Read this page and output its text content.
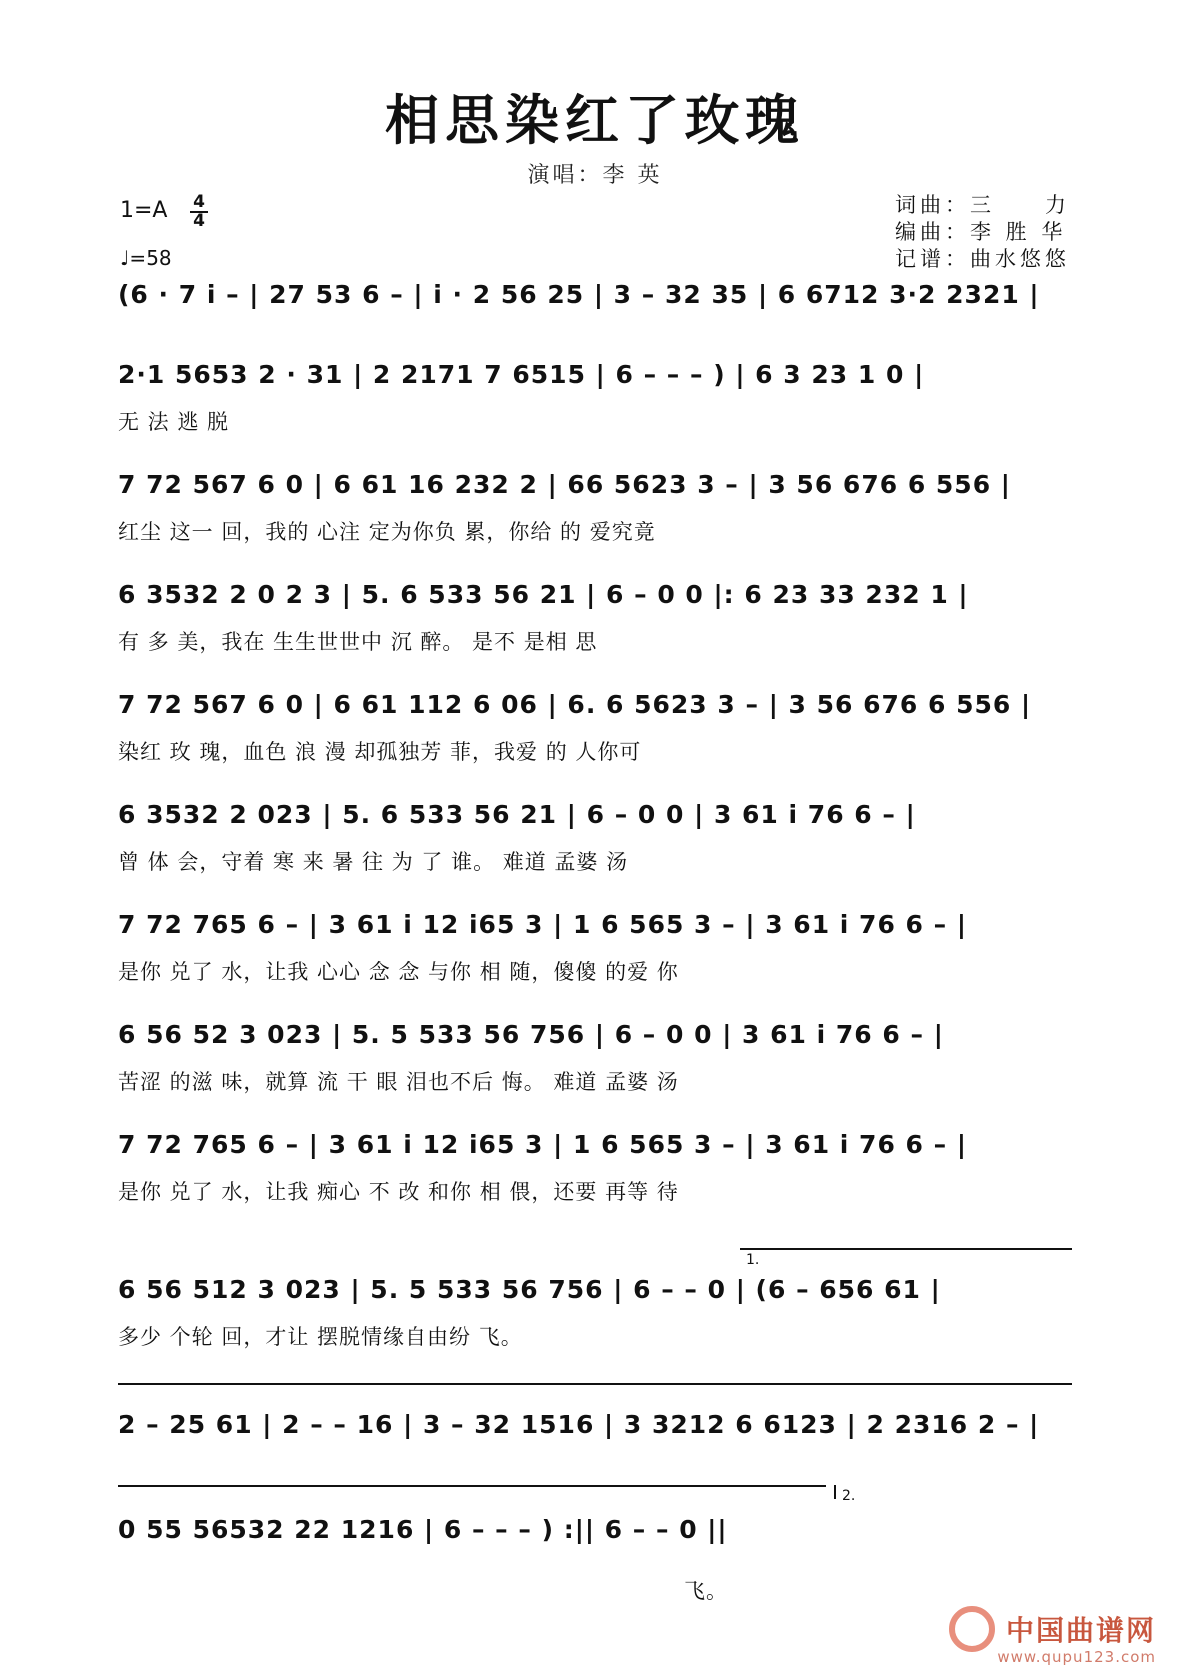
相思染红了玫瑰
演唱：李 英
$1=A \frac{4}{4}$
♩=58
词曲：三　　力
编曲：李 胜 华
记谱：曲水悠悠
(6 · 7 i – | 27 53 6 – | i · 2 56 25 | 3 – 32 35 | 6 6712 3·2 2321 |
2·1 5653 2 · 31 | 2 2171 7 6515 | 6 – – – ) | 6 3 23 1 0 |
无 法 逃 脱
7 72 567 6 0 | 6 61 16 232 2 | 66 5623 3 – | 3 56 676 6 556 |
红尘 这一 回，我的 心注 定为你负 累，你给 的 爱究竟
6 3532 2 0 2 3 | 5. 6 533 56 21 | 6 – 0 0 |: 6 23 33 232 1 |
有 多 美，我在 生生世世中 沉 醉。 是不 是相 思
7 72 567 6 0 | 6 61 112 6 06 | 6. 6 5623 3 – | 3 56 676 6 556 |
染红 玫 瑰，血色 浪 漫 却孤独芳 菲，我爱 的 人你可
6 3532 2 023 | 5. 6 533 56 21 | 6 – 0 0 | 3 61 i 76 6 – |
曾 体 会，守着 寒 来 暑 往 为 了 谁。 难道 孟婆 汤
7 72 765 6 – | 3 61 i 12 i65 3 | 1 6 565 3 – | 3 61 i 76 6 – |
是你 兑了 水，让我 心心 念 念 与你 相 随，傻傻 的爱 你
6 56 52 3 023 | 5. 5 533 56 756 | 6 – 0 0 | 3 61 i 76 6 – |
苦涩 的滋 味，就算 流 干 眼 泪也不后 悔。 难道 孟婆 汤
7 72 765 6 – | 3 61 i 12 i65 3 | 1 6 565 3 – | 3 61 i 76 6 – |
是你 兑了 水，让我 痴心 不 改 和你 相 偎，还要 再等 待
1.
6 56 512 3 023 | 5. 5 533 56 756 | 6 – – 0 | (6 – 656 61 |
多少 个轮 回，才让 摆脱情缘自由纷 飞。
2 – 25 61 | 2 – – 16 | 3 – 32 1516 | 3 3212 6 6123 | 2 2316 2 – |
2.
0 55 56532 22 1216 | 6 – – – ) :|| 6 – – 0 ||
飞。
中国曲谱网
www.qupu123.com
